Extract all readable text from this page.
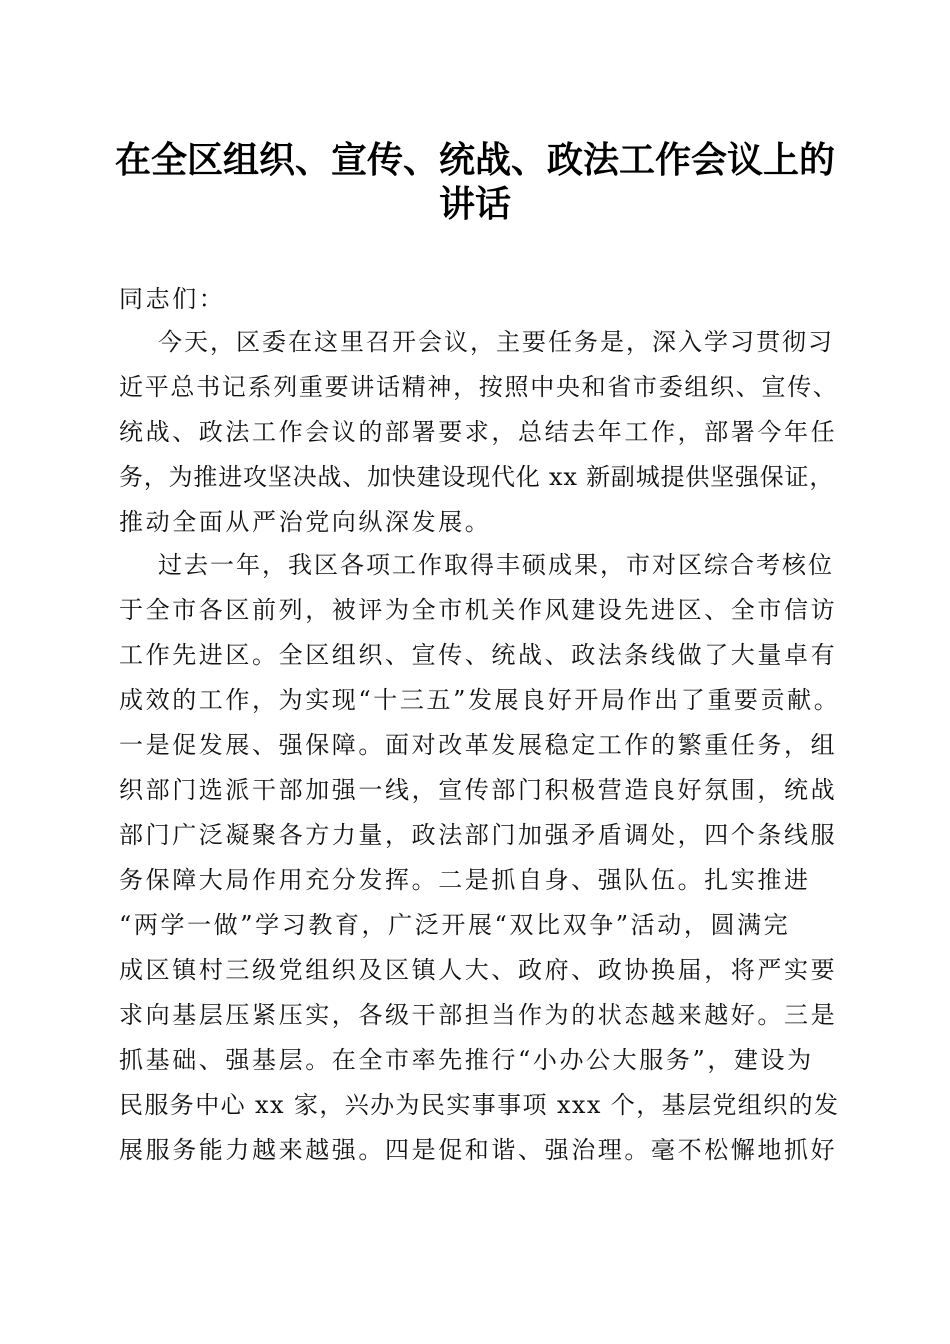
在全区组织、宣传、统战、政法工作会议上的
讲话
同志们：
今天，区委在这里召开会议，主要任务是，深入学习贯彻习
近平总书记系列重要讲话精神，按照中央和省市委组织、宣传、
统战、政法工作会议的部署要求，总结去年工作，部署今年任
务，为推进攻坚决战、加快建设现代化 xx 新副城提供坚强保证，
推动全面从严治党向纵深发展。
过去一年，我区各项工作取得丰硕成果，市对区综合考核位
于全市各区前列，被评为全市机关作风建设先进区、全市信访
工作先进区。全区组织、宣传、统战、政法条线做了大量卓有
成效的工作，为实现“十三五”发展良好开局作出了重要贡献。
一是促发展、强保障。面对改革发展稳定工作的繁重任务，组
织部门选派干部加强一线，宣传部门积极营造良好氛围，统战
部门广泛凝聚各方力量，政法部门加强矛盾调处，四个条线服
务保障大局作用充分发挥。二是抓自身、强队伍。扎实推进
“两学一做”学习教育，广泛开展“双比双争”活动，圆满完
成区镇村三级党组织及区镇人大、政府、政协换届，将严实要
求向基层压紧压实，各级干部担当作为的状态越来越好。三是
抓基础、强基层。在全市率先推行“小办公大服务”，建设为
民服务中心 xx 家，兴办为民实事事项 xxx 个，基层党组织的发
展服务能力越来越强。四是促和谐、强治理。毫不松懈地抓好
